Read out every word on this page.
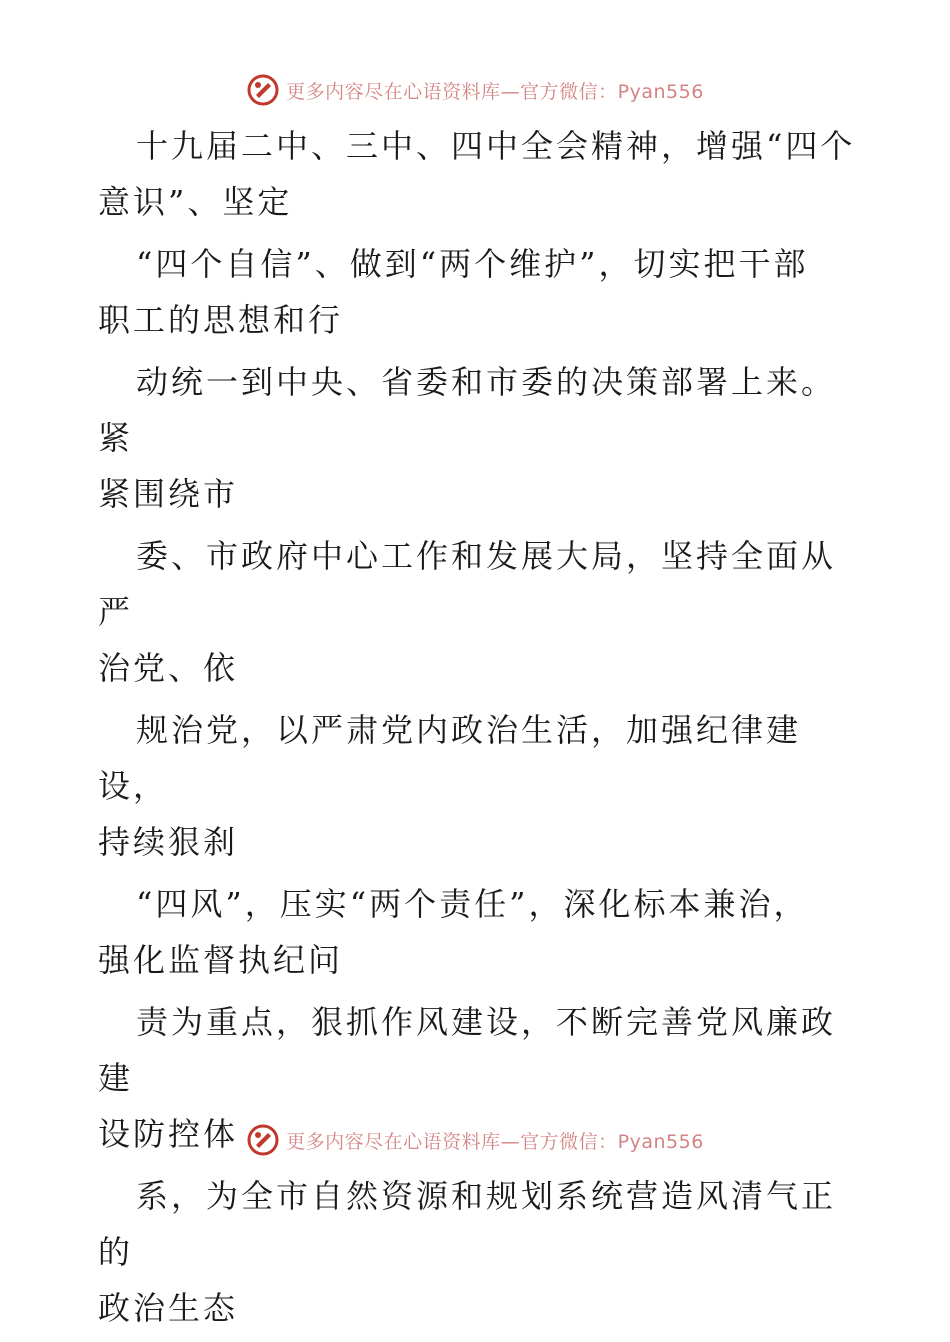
更多内容尽在心语资料库—官方微信：Pyan556

十九届二中、三中、四中全会精神，增强“四个
意识”、坚定

“四个自信”、做到“两个维护”，切实把干部
职工的思想和行

动统一到中央、省委和市委的决策部署上来。紧
紧围绕市

委、市政府中心工作和发展大局，坚持全面从严
治党、依

规治党，以严肃党内政治生活，加强纪律建设，
持续狠刹

“四风”，压实“两个责任”，深化标本兼治，
强化监督执纪问

责为重点，狠抓作风建设，不断完善党风廉政建
设防控体

系，为全市自然资源和规划系统营造风清气正的
政治生态

更多内容尽在心语资料库—官方微信：Pyan556
